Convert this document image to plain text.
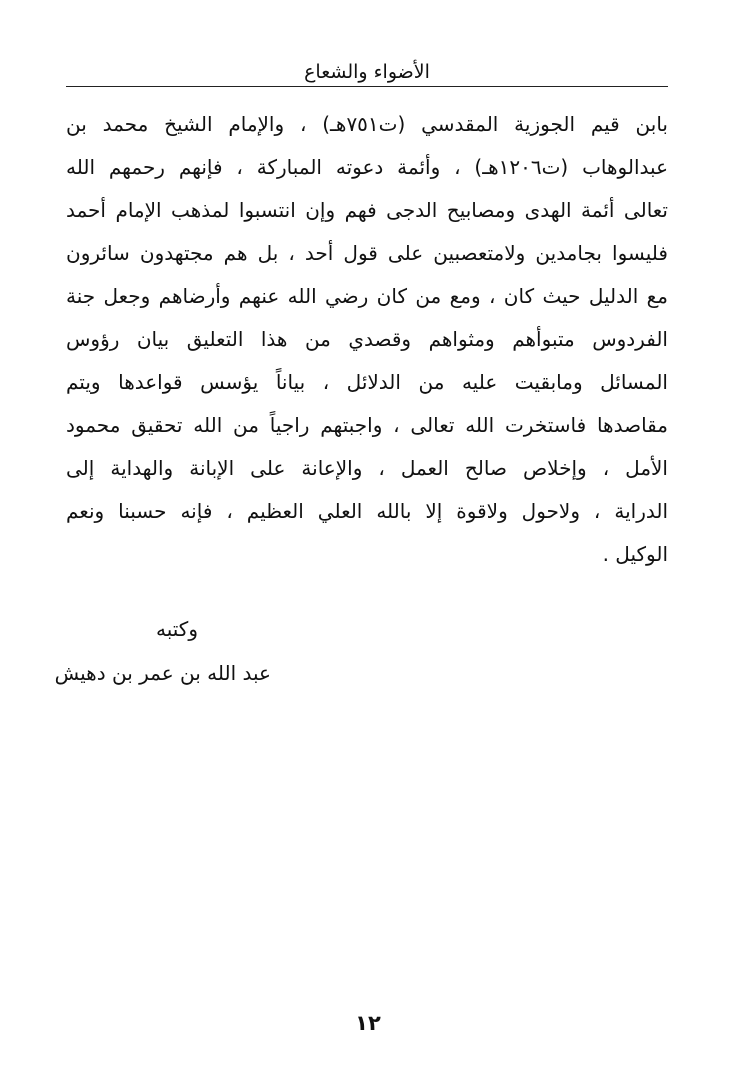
الأضواء والشعاع
بابن قيم الجوزية المقدسي (ت٧٥١هـ) ، والإمام الشيخ محمد بن
عبدالوهاب (ت١٢٠٦هـ) ، وأئمة دعوته المباركة ، فإنهم رحمهم الله
تعالى أئمة الهدى ومصابيح الدجى فهم وإن انتسبوا لمذهب الإمام أحمد
فليسوا بجامدين ولامتعصبين على قول أحد ، بل هم مجتهدون سائرون
مع الدليل حيث كان ، ومع من كان رضي الله عنهم وأرضاهم وجعل جنة
الفردوس متبوأهم ومثواهم وقصدي من هذا التعليق بيان رؤوس
المسائل ومابقيت عليه من الدلائل ، بياناً يؤسس قواعدها ويتم
مقاصدها فاستخرت الله تعالى ، واجبتهم راجياً من الله تحقيق محمود
الأمل ، وإخلاص صالح العمل ، والإعانة على الإبانة والهداية إلى
الدراية ، ولاحول ولاقوة إلا بالله العلي العظيم ، فإنه حسبنا ونعم
الوكيل .
وكتبه
عبد الله بن عمر بن دهيش
١٢
